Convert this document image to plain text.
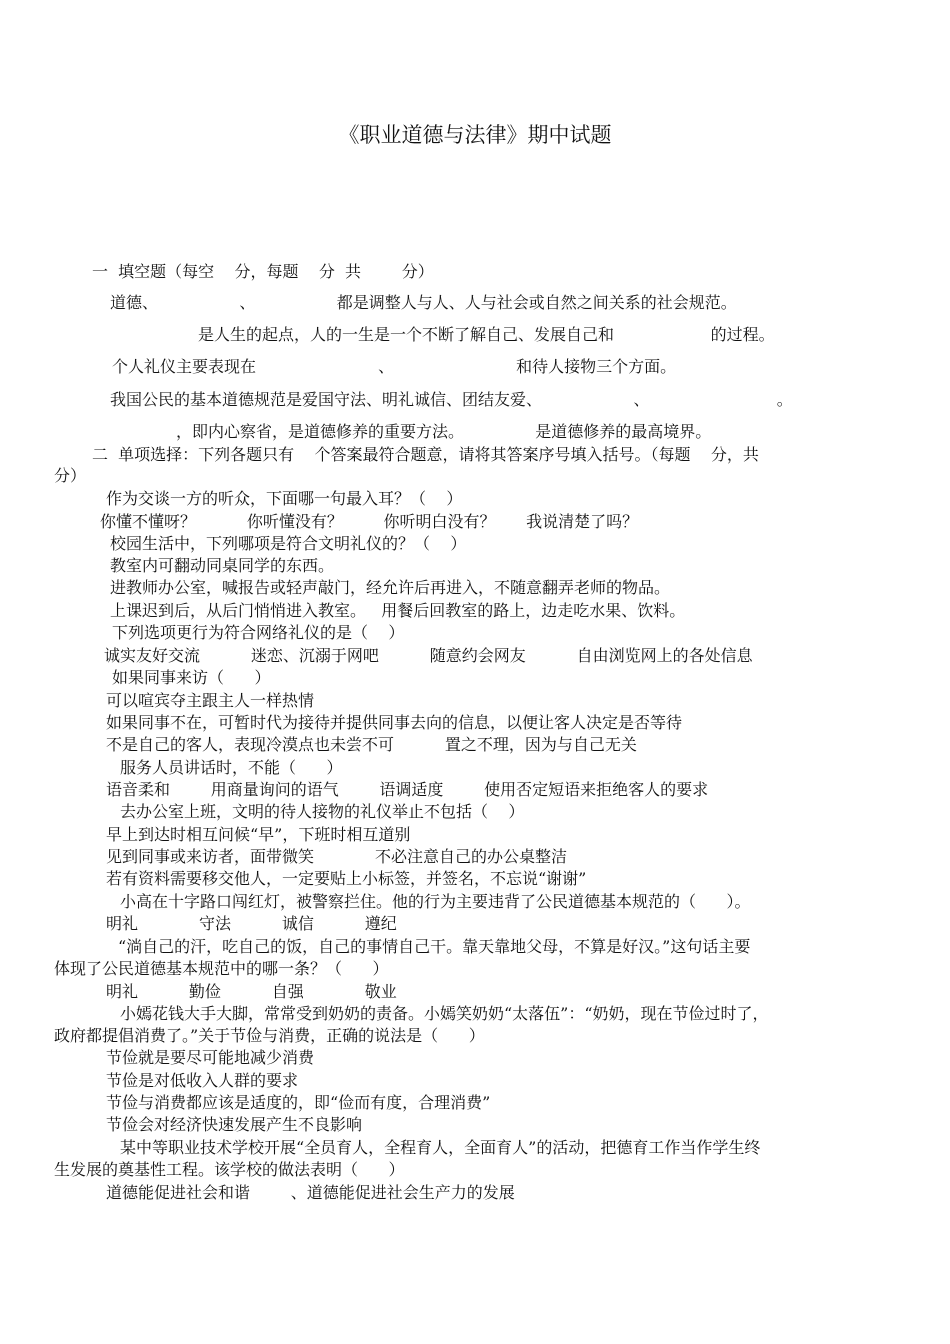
《职业道德与法律》期中试题

一  填空题（每空    分，每题    分  共        分）

道德、                、                都是调整人与人、人与社会或自然之间关系的社会规范。

是人生的起点，人的一生是一个不断了解自己、发展自己和                   的过程。

个人礼仪主要表现在                        、                        和待人接物三个方面。

我国公民的基本道德规范是爱国守法、明礼诚信、团结友爱、                  、                         。

，即内心察省，是道德修养的重要方法。              是道德修养的最高境界。

二  单项选择：下列各题只有    个答案最符合题意，请将其答案序号填入括号。（每题    分，共

分）

作为交谈一方的听众，下面哪一句最入耳？（    ）

你懂不懂呀？          你听懂没有？        你听明白没有？      我说清楚了吗？

校园生活中，下列哪项是符合文明礼仪的？（    ）

教室内可翻动同桌同学的东西。

进教师办公室，喊报告或轻声敲门，经允许后再进入，不随意翻弄老师的物品。

上课迟到后，从后门悄悄进入教室。   用餐后回教室的路上，边走吃水果、饮料。

下列选项更行为符合网络礼仪的是（    ）

诚实友好交流          迷恋、沉溺于网吧          随意约会网友          自由浏览网上的各处信息

如果同事来访（      ）

可以喧宾夺主跟主人一样热情

如果同事不在，可暂时代为接待并提供同事去向的信息，以便让客人决定是否等待

不是自己的客人，表现冷漠点也未尝不可          置之不理，因为与自己无关

服务人员讲话时，不能（      ）

语音柔和        用商量询问的语气        语调适度        使用否定短语来拒绝客人的要求

去办公室上班，文明的待人接物的礼仪举止不包括（    ）

早上到达时相互问候“早”，下班时相互道别

见到同事或来访者，面带微笑            不必注意自己的办公桌整洁

若有资料需要移交他人，一定要贴上小标签，并签名，不忘说“谢谢”

小高在十字路口闯红灯，被警察拦住。他的行为主要违背了公民道德基本规范的（      ）。

明礼            守法          诚信          遵纪

“淌自己的汗，吃自己的饭，自己的事情自己干。靠天靠地父母，不算是好汉。”这句话主要

体现了公民道德基本规范中的哪一条？（      ）

明礼          勤俭          自强            敬业

小嫣花钱大手大脚，常常受到奶奶的责备。小嫣笑奶奶“太落伍”：“奶奶，现在节俭过时了，

政府都提倡消费了。”关于节俭与消费，正确的说法是（      ）

节俭就是要尽可能地减少消费

节俭是对低收入人群的要求

节俭与消费都应该是适度的，即“俭而有度，合理消费”

节俭会对经济快速发展产生不良影响

某中等职业技术学校开展“全员育人，全程育人，全面育人”的活动，把德育工作当作学生终

生发展的奠基性工程。该学校的做法表明（      ）

道德能促进社会和谐        、道德能促进社会生产力的发展
